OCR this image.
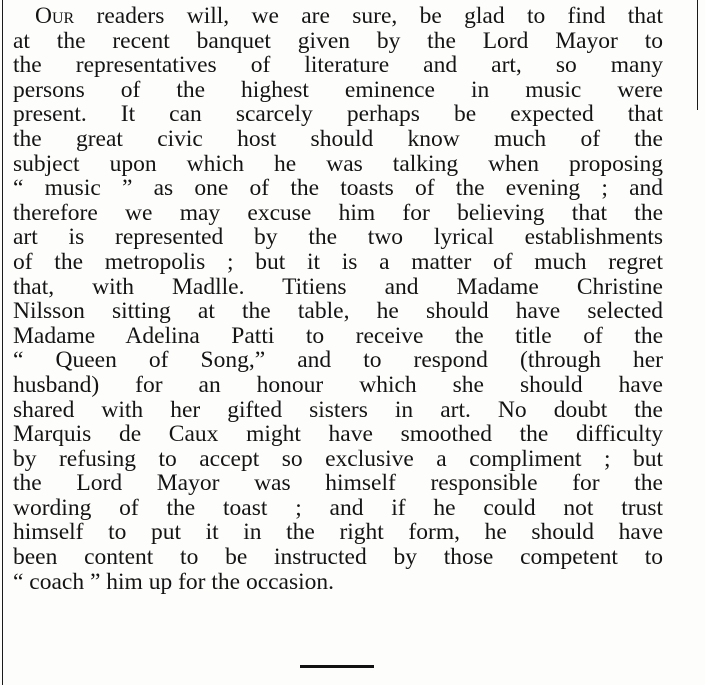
Our readers will, we are sure, be glad to find that
at the recent banquet given by the Lord Mayor to
the representatives of literature and art, so many
persons of the highest eminence in music were
present. It can scarcely perhaps be expected that
the great civic host should know much of the
subject upon which he was talking when proposing
“ music ” as one of the toasts of the evening ; and
therefore we may excuse him for believing that the
art is represented by the two lyrical establishments
of the metropolis ; but it is a matter of much regret
that, with Madlle. Titiens and Madame Christine
Nilsson sitting at the table, he should have selected
Madame Adelina Patti to receive the title of the
“ Queen of Song,” and to respond (through her
husband) for an honour which she should have
shared with her gifted sisters in art. No doubt the
Marquis de Caux might have smoothed the difficulty
by refusing to accept so exclusive a compliment ; but
the Lord Mayor was himself responsible for the
wording of the toast ; and if he could not trust
himself to put it in the right form, he should have
been content to be instructed by those competent to
“ coach ” him up for the occasion.
